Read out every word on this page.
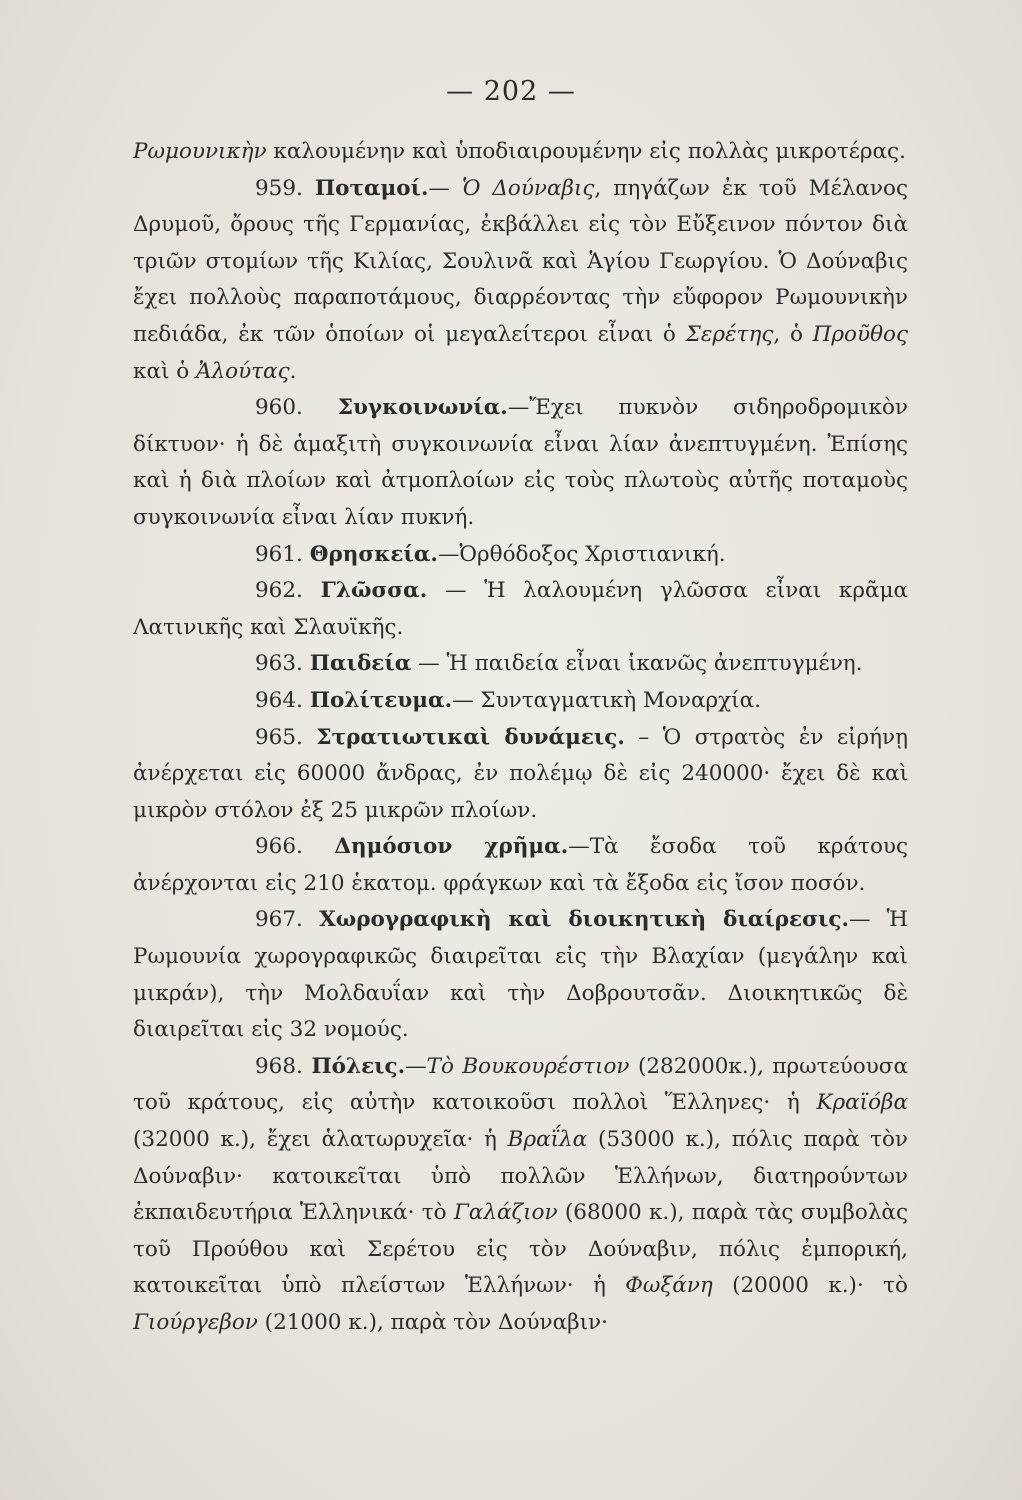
— 202 —

Ρωμουνικὴν καλουμένην καὶ ὑποδιαιρουμένην εἰς πολλὰς μικροτέρας.

959. Ποταμοί.— Ὁ Δούναβις, πηγάζων ἐκ τοῦ Μέλανος Δρυμοῦ, ὄρους τῆς Γερμανίας, ἐκβάλλει εἰς τὸν Εὔξεινον πόντον διὰ τριῶν στομίων τῆς Κιλίας, Σουλινᾶ καὶ Ἁγίου Γεωργίου. Ὁ Δούναβις ἔχει πολλοὺς παραποτάμους, διαρρέοντας τὴν εὔφορον Ρωμουνικὴν πεδιάδα, ἐκ τῶν ὁποίων οἱ μεγαλείτεροι εἶναι ὁ Σερέτης, ὁ Προῦθος καὶ ὁ Ἀλούτας.

960. Συγκοινωνία.—Ἔχει πυκνὸν σιδηροδρομικὸν δίκτυον· ἡ δὲ ἁμαξιτὴ συγκοινωνία εἶναι λίαν ἀνεπτυγμένη. Ἐπίσης καὶ ἡ διὰ πλοίων καὶ ἀτμοπλοίων εἰς τοὺς πλωτοὺς αὐτῆς ποταμοὺς συγκοινωνία εἶναι λίαν πυκνή.

961. Θρησκεία.—Ὀρθόδοξος Χριστιανική.

962. Γλῶσσα. — Ἡ λαλουμένη γλῶσσα εἶναι κρᾶμα Λατινικῆς καὶ Σλαυϊκῆς.

963. Παιδεία — Ἡ παιδεία εἶναι ἱκανῶς ἀνεπτυγμένη.

964. Πολίτευμα.— Συνταγματικὴ Μοναρχία.

965. Στρατιωτικαὶ δυνάμεις. – Ὁ στρατὸς ἐν εἰρήνῃ ἀνέρχεται εἰς 60000 ἄνδρας, ἐν πολέμῳ δὲ εἰς 240000· ἔχει δὲ καὶ μικρὸν στόλον ἐξ 25 μικρῶν πλοίων.

966. Δημόσιον χρῆμα.—Τὰ ἔσοδα τοῦ κράτους ἀνέρχονται εἰς 210 ἑκατομ. φράγκων καὶ τὰ ἔξοδα εἰς ἴσον ποσόν.

967. Χωρογραφικὴ καὶ διοικητικὴ διαίρεσις.— Ἡ Ρωμουνία χωρογραφικῶς διαιρεῖται εἰς τὴν Βλαχίαν (μεγάλην καὶ μικράν), τὴν Μολδαυΐαν καὶ τὴν Δοβρουτσᾶν. Διοικητικῶς δὲ διαιρεῖται εἰς 32 νομούς.

968. Πόλεις.—Τὸ Βουκουρέστιον (282000κ.), πρωτεύουσα τοῦ κράτους, εἰς αὐτὴν κατοικοῦσι πολλοὶ Ἕλληνες· ἡ Κραϊόβα (32000 κ.), ἔχει ἁλατωρυχεῖα· ἡ Βραΐλα (53000 κ.), πόλις παρὰ τὸν Δούναβιν· κατοικεῖται ὑπὸ πολλῶν Ἑλλήνων, διατηρούντων ἐκπαιδευτήρια Ἑλληνικά· τὸ Γαλάζιον (68000 κ.), παρὰ τὰς συμβολὰς τοῦ Προύθου καὶ Σερέτου εἰς τὸν Δούναβιν, πόλις ἐμπορική, κατοικεῖται ὑπὸ πλείστων Ἑλλήνων· ἡ Φωξάνη (20000 κ.)· τὸ Γιούργεβον (21000 κ.), παρὰ τὸν Δούναβιν·
